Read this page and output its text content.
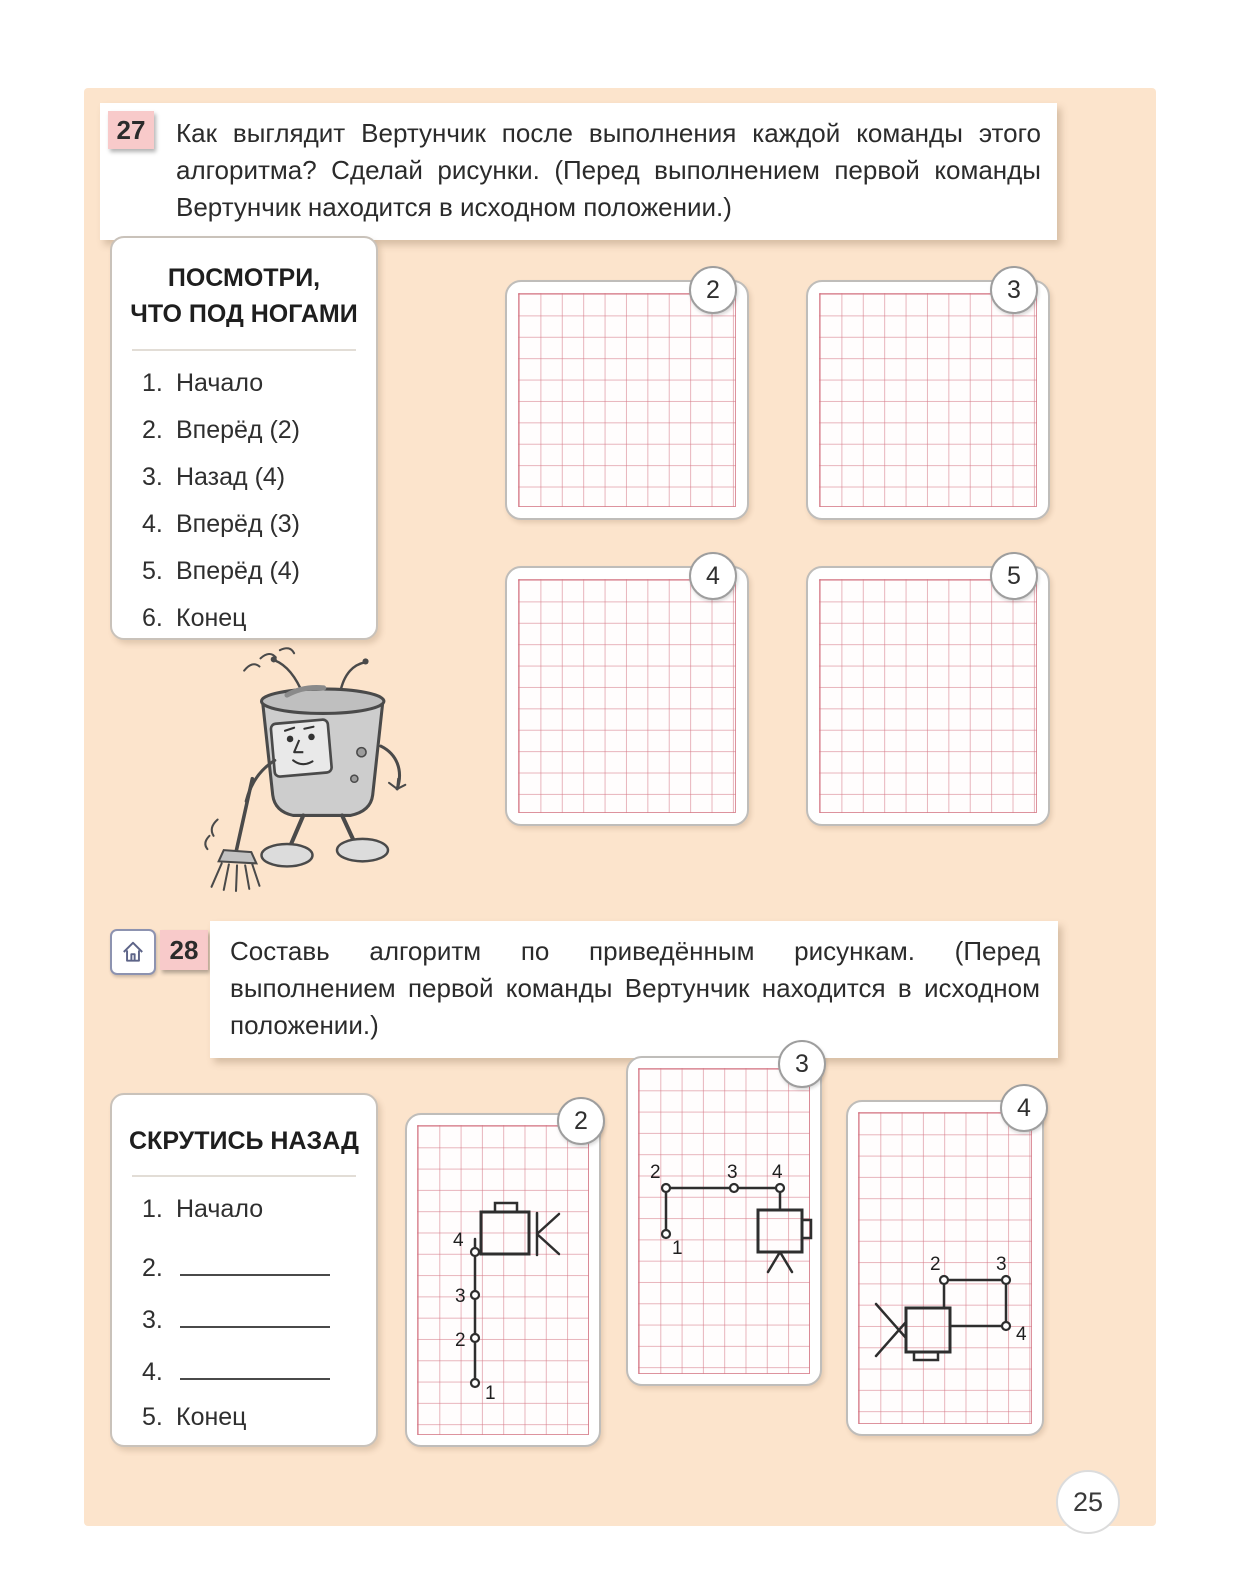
27	Как выглядит Вертунчик после выполнения каждой команды этого алгоритма? Сделай рисунки. (Перед выполнением первой команды Вертунчик находится в исходном положении.)

ПОСМОТРИ,
ЧТО ПОД НОГАМИ
1. Начало
2. Вперёд (2)
3. Назад (4)
4. Вперёд (3)
5. Вперёд (4)
6. Конец
2	3
4	5
28	Составь алгоритм по приведённым рисункам. (Перед выполнением первой команды Вертунчик находится в исходном положении.)

СКРУТИСЬ НАЗАД
1. Начало
2.
3.
4.
5. Конец
2
4
3
2
1
3
1
2	3 4
4
2	3
4
25
